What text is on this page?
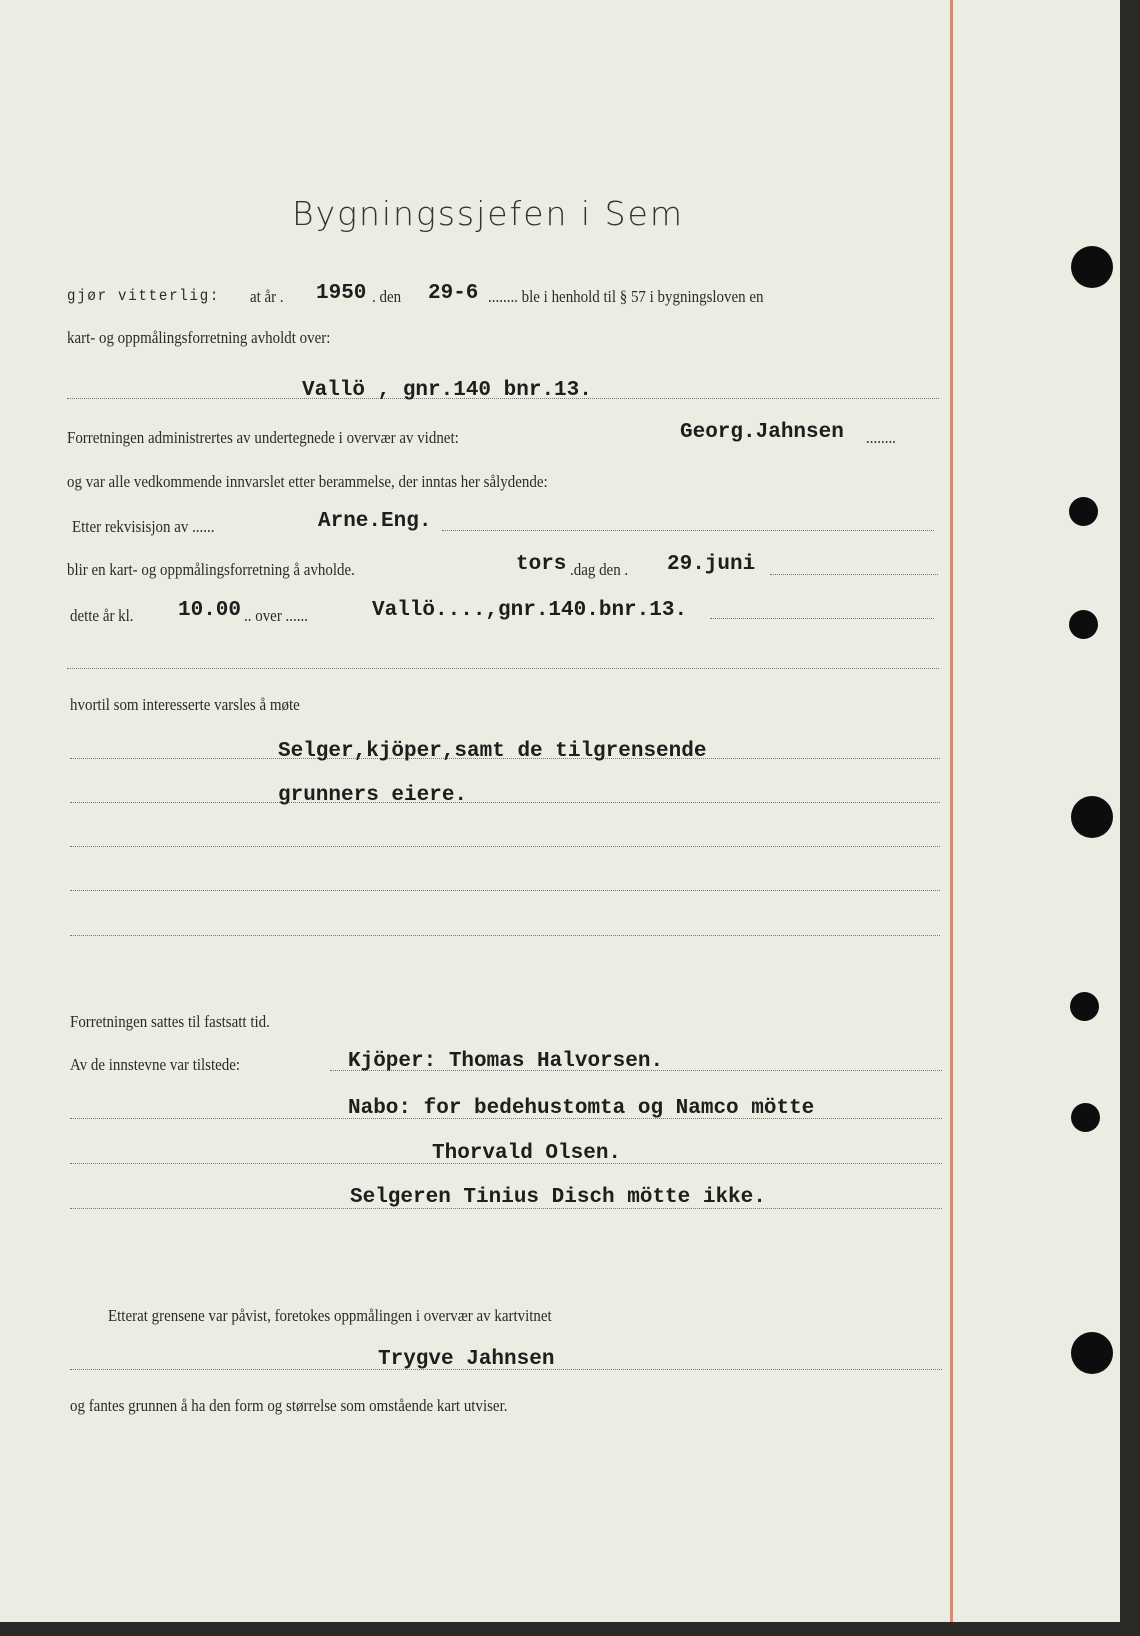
Bygningssjefen i Sem
gjør vitterlig: at år . 1950 . den 29-6 ........ ble i henhold til § 57 i bygningsloven en
kart- og oppmålingsforretning avholdt over:
Vallö , gnr.140 bnr.13.
Forretningen administrertes av undertegnede i overvær av vidnet:	Georg.Jahnsen ........
og var alle vedkommende innvarslet etter berammelse, der inntas her sålydende:
Etter rekvisisjon av ......	Arne.Eng.
blir en kart- og oppmålingsforretning å avholde.	tors .dag den . 29.juni
dette år kl. 10.00 .. over ......	Vallö....,gnr.140.bnr.13.
hvortil som interesserte varsles å møte
Selger,kjöper,samt de tilgrensende
grunners eiere.
Forretningen sattes til fastsatt tid.
Av de innstevne var tilstede:	Kjöper: Thomas Halvorsen.
Nabo: for bedehustomta og Namco mötte
Thorvald Olsen.
Selgeren Tinius Disch mötte ikke.
Etterat grensene var påvist, foretokes oppmålingen i overvær av kartvitnet
Trygve Jahnsen
og fantes grunnen å ha den form og størrelse som omstående kart utviser.
